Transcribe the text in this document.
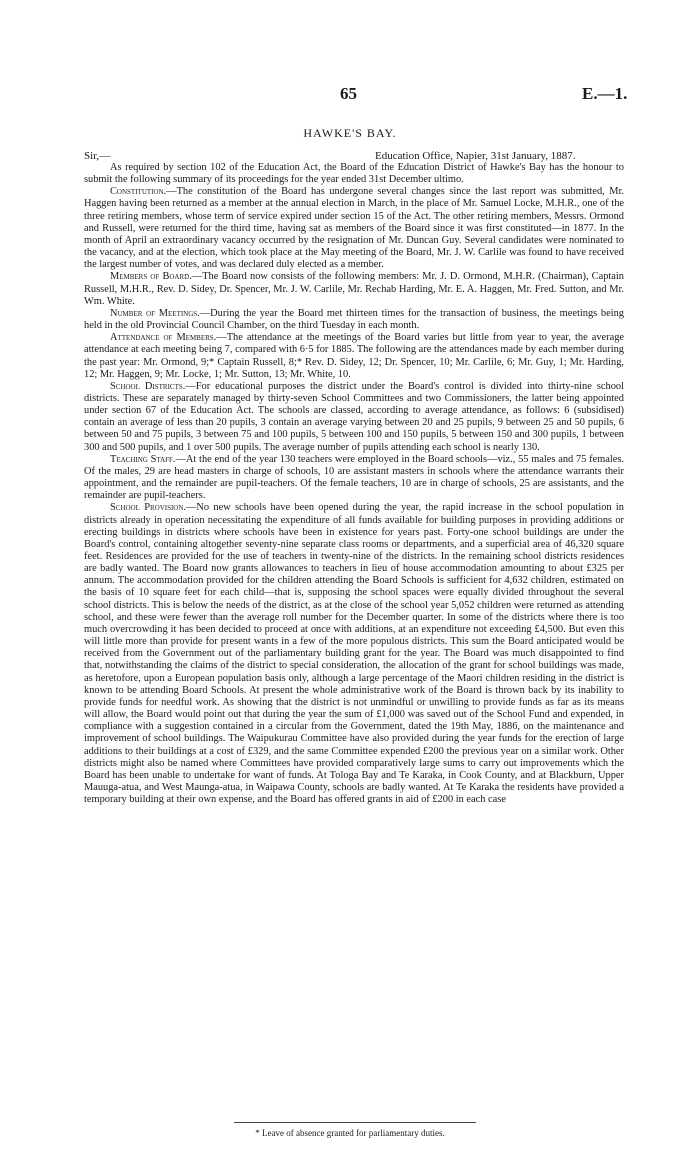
65	E.—1.
HAWKE'S BAY.
Sir,—	Education Office, Napier, 31st January, 1887.

As required by section 102 of the Education Act, the Board of the Education District of Hawke's Bay has the honour to submit the following summary of its proceedings for the year ended 31st December ultimo.

Constitution.—The constitution of the Board has undergone several changes since the last report was submitted, Mr. Haggen having been returned as a member at the annual election in March, in the place of Mr. Samuel Locke, M.H.R., one of the three retiring members, whose term of service expired under section 15 of the Act. The other retiring members, Messrs. Ormond and Russell, were returned for the third time, having sat as members of the Board since it was first constituted—in 1877. In the month of April an extraordinary vacancy occurred by the resignation of Mr. Duncan Guy. Several candidates were nominated to the vacancy, and at the election, which took place at the May meeting of the Board, Mr. J. W. Carlile was found to have received the largest number of votes, and was declared duly elected as a member.

Members of Board.—The Board now consists of the following members: Mr. J. D. Ormond, M.H.R. (Chairman), Captain Russell, M.H.R., Rev. D. Sidey, Dr. Spencer, Mr. J. W. Carlile, Mr. Rechab Harding, Mr. E. A. Haggen, Mr. Fred. Sutton, and Mr. Wm. White.

Number of Meetings.—During the year the Board met thirteen times for the transaction of business, the meetings being held in the old Provincial Council Chamber, on the third Tuesday in each month.

Attendance of Members.—The attendance at the meetings of the Board varies but little from year to year, the average attendance at each meeting being 7, compared with 6·5 for 1885. The following are the attendances made by each member during the past year: Mr. Ormond, 9;* Captain Russell, 8;* Rev. D. Sidey, 12; Dr. Spencer, 10; Mr. Carlile, 6; Mr. Guy, 1; Mr. Harding, 12; Mr. Haggen, 9; Mr. Locke, 1; Mr. Sutton, 13; Mr. White, 10.

School Districts.—For educational purposes the district under the Board's control is divided into thirty-nine school districts. These are separately managed by thirty-seven School Committees and two Commissioners, the latter being appointed under section 67 of the Education Act. The schools are classed, according to average attendance, as follows: 6 (subsidised) contain an average of less than 20 pupils, 3 contain an average varying between 20 and 25 pupils, 9 between 25 and 50 pupils, 6 between 50 and 75 pupils, 3 between 75 and 100 pupils, 5 between 100 and 150 pupils, 5 between 150 and 300 pupils, 1 between 300 and 500 pupils, and 1 over 500 pupils. The average number of pupils attending each school is nearly 130.

Teaching Staff.—At the end of the year 130 teachers were employed in the Board schools—viz., 55 males and 75 females. Of the males, 29 are head masters in charge of schools, 10 are assistant masters in schools where the attendance warrants their appointment, and the remainder are pupil-teachers. Of the female teachers, 10 are in charge of schools, 25 are assistants, and the remainder are pupil-teachers.

School Provision.—No new schools have been opened during the year, the rapid increase in the school population in districts already in operation necessitating the expenditure of all funds available for building purposes in providing additions or erecting buildings in districts where schools have been in existence for years past. Forty-one school buildings are under the Board's control, containing altogether seventy-nine separate class rooms or departments, and a superficial area of 46,320 square feet. Residences are provided for the use of teachers in twenty-nine of the districts. In the remaining school districts residences are badly wanted. The Board now grants allowances to teachers in lieu of house accommodation amounting to about £325 per annum. The accommodation provided for the children attending the Board Schools is sufficient for 4,632 children, estimated on the basis of 10 square feet for each child—that is, supposing the school spaces were equally divided throughout the several school districts. This is below the needs of the district, as at the close of the school year 5,052 children were returned as attending school, and these were fewer than the average roll number for the December quarter. In some of the districts where there is too much overcrowding it has been decided to proceed at once with additions, at an expenditure not exceeding £4,500. But even this will little more than provide for present wants in a few of the more populous districts. This sum the Board anticipated would be received from the Government out of the parliamentary building grant for the year. The Board was much disappointed to find that, notwithstanding the claims of the district to special consideration, the allocation of the grant for school buildings was made, as heretofore, upon a European population basis only, although a large percentage of the Maori children residing in the district is known to be attending Board Schools. At present the whole administrative work of the Board is thrown back by its inability to provide funds for needful work. As showing that the district is not unmindful or unwilling to provide funds as far as its means will allow, the Board would point out that during the year the sum of £1,000 was saved out of the School Fund and expended, in compliance with a suggestion contained in a circular from the Government, dated the 19th May, 1886, on the maintenance and improvement of school buildings. The Waipukurau Committee have also provided during the year funds for the erection of large additions to their buildings at a cost of £329, and the same Committee expended £200 the previous year on a similar work. Other districts might also be named where Committees have provided comparatively large sums to carry out improvements which the Board has been unable to undertake for want of funds. At Tologa Bay and Te Karaka, in Cook County, and at Blackburn, Upper Mauuga-atua, and West Maunga-atua, in Waipawa County, schools are badly wanted. At Te Karaka the residents have provided a temporary building at their own expense, and the Board has offered grants in aid of £200 in each case

* Leave of absence granted for parliamentary duties.
